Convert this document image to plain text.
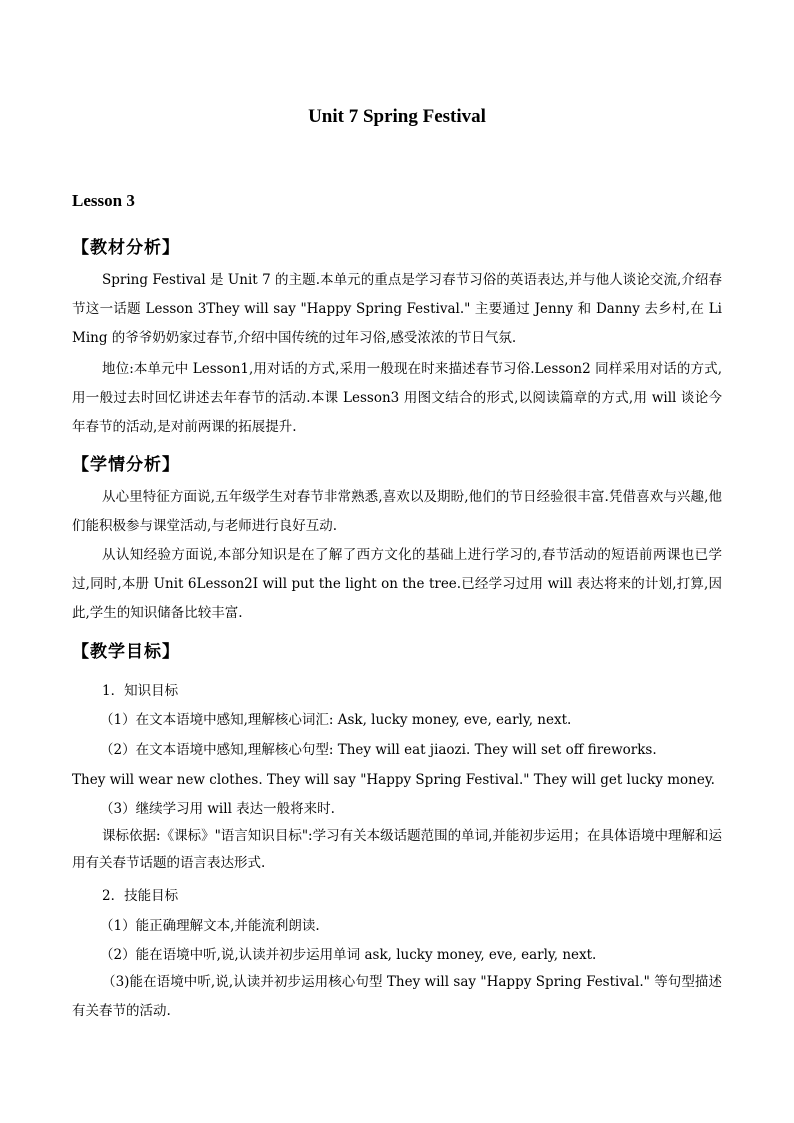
Unit 7 Spring Festival
Lesson 3
【教材分析】
Spring Festival 是 Unit 7 的主题.本单元的重点是学习春节习俗的英语表达,并与他人谈论交流,介绍春节这一话题 Lesson 3They will say "Happy Spring Festival." 主要通过 Jenny 和 Danny 去乡村,在 Li Ming 的爷爷奶奶家过春节,介绍中国传统的过年习俗,感受浓浓的节日气氛.
地位:本单元中 Lesson1,用对话的方式,采用一般现在时来描述春节习俗.Lesson2 同样采用对话的方式,用一般过去时回忆讲述去年春节的活动.本课 Lesson3 用图文结合的形式,以阅读篇章的方式,用 will 谈论今年春节的活动,是对前两课的拓展提升.
【学情分析】
从心里特征方面说,五年级学生对春节非常熟悉,喜欢以及期盼,他们的节日经验很丰富.凭借喜欢与兴趣,他们能积极参与课堂活动,与老师进行良好互动.
从认知经验方面说,本部分知识是在了解了西方文化的基础上进行学习的,春节活动的短语前两课也已学过,同时,本册 Unit 6Lesson2I will put the light on the tree.已经学习过用 will 表达将来的计划,打算,因此,学生的知识储备比较丰富.
【教学目标】
1．知识目标
（1）在文本语境中感知,理解核心词汇: Ask, lucky money, eve, early, next.
（2）在文本语境中感知,理解核心句型: They will eat jiaozi. They will set off fireworks.
They will wear new clothes. They will say "Happy Spring Festival." They will get lucky money.
（3）继续学习用 will 表达一般将来时.
课标依据:《课标》"语言知识目标":学习有关本级话题范围的单词,并能初步运用；在具体语境中理解和运用有关春节话题的语言表达形式.
2．技能目标
（1）能正确理解文本,并能流利朗读.
（2）能在语境中听,说,认读并初步运用单词 ask, lucky money, eve, early, next.
（3)能在语境中听,说,认读并初步运用核心句型 They will say "Happy Spring Festival." 等句型描述有关春节的活动.
